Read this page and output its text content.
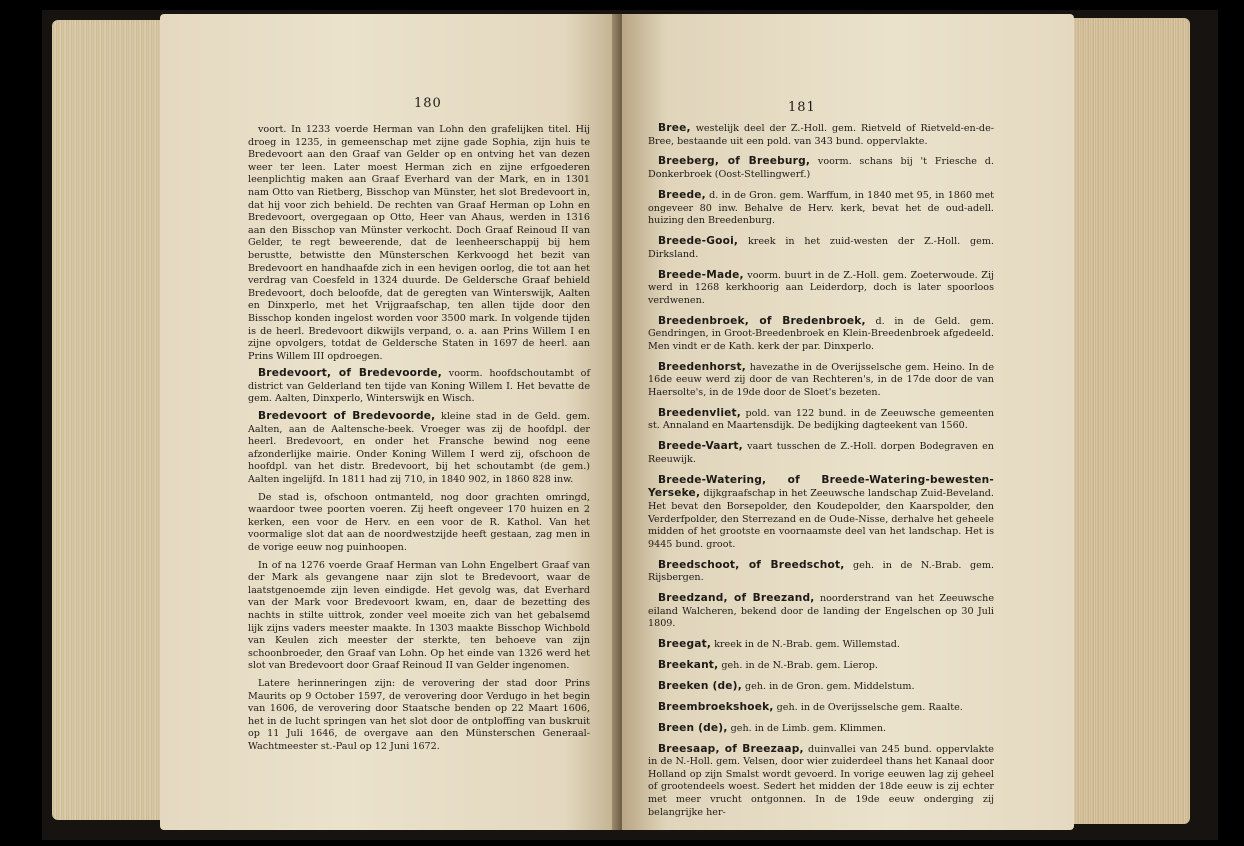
180

voort. In 1233 voerde Herman van Lohn den grafelijken titel. Hij droeg in 1235, in gemeenschap met zijne gade Sophia, zijn huis te Bredevoort aan den Graaf van Gelder op en ontving het van dezen weer ter leen. Later moest Herman zich en zijne erfgoederen leenplichtig maken aan Graaf Everhard van der Mark, en in 1301 nam Otto van Rietberg, Bisschop van Münster, het slot Bredevoort in, dat hij voor zich behield. De rechten van Graaf Herman op Lohn en Bredevoort, overgegaan op Otto, Heer van Ahaus, werden in 1316 aan den Bisschop van Münster verkocht. Doch Graaf Reinoud II van Gelder, te regt beweerende, dat de leenheerschappij bij hem berustte, betwistte den Münsterschen Kerkvoogd het bezit van Bredevoort en handhaafde zich in een hevigen oorlog, die tot aan het verdrag van Coesfeld in 1324 duurde. De Geldersche Graaf behield Bredevoort, doch beloofde, dat de geregten van Winterswijk, Aalten en Dinxperlo, met het Vrijgraafschap, ten allen tijde door den Bisschop konden ingelost worden voor 3500 mark. In volgende tijden is de heerl. Bredevoort dikwijls verpand, o. a. aan Prins Willem I en zijne opvolgers, totdat de Geldersche Staten in 1697 de heerl. aan Prins Willem III opdroegen.

Bredevoort, of Bredevoorde, voorm. hoofdschoutambt of district van Gelderland ten tijde van Koning Willem I. Het bevatte de gem. Aalten, Dinxperlo, Winterswijk en Wisch.

Bredevoort of Bredevoorde, kleine stad in de Geld. gem. Aalten, aan de Aaltensche-beek. Vroeger was zij de hoofdpl. der heerl. Bredevoort, en onder het Fransche bewind nog eene afzonderlijke mairie. Onder Koning Willem I werd zij, ofschoon de hoofdpl. van het distr. Bredevoort, bij het schoutambt (de gem.) Aalten ingelijfd. In 1811 had zij 710, in 1840 902, in 1860 828 inw.

De stad is, ofschoon ontmanteld, nog door grachten omringd, waardoor twee poorten voeren. Zij heeft ongeveer 170 huizen en 2 kerken, een voor de Herv. en een voor de R. Kathol. Van het voormalige slot dat aan de noordwestzijde heeft gestaan, zag men in de vorige eeuw nog puinhoopen.

In of na 1276 voerde Graaf Herman van Lohn Engelbert Graaf van der Mark als gevangene naar zijn slot te Bredevoort, waar de laatstgenoemde zijn leven eindigde. Het gevolg was, dat Everhard van der Mark voor Bredevoort kwam, en, daar de bezetting des nachts in stilte uittrok, zonder veel moeite zich van het gebalsemd lijk zijns vaders meester maakte. In 1303 maakte Bisschop Wichbold van Keulen zich meester der sterkte, ten behoeve van zijn schoonbroeder, den Graaf van Lohn. Op het einde van 1326 werd het slot van Bredevoort door Graaf Reinoud II van Gelder ingenomen.

Latere herinneringen zijn: de verovering der stad door Prins Maurits op 9 October 1597, de verovering door Verdugo in het begin van 1606, de verovering door Staatsche benden op 22 Maart 1606, het in de lucht springen van het slot door de ontploffing van buskruit op 11 Juli 1646, de overgave aan den Münsterschen Generaal-Wachtmeester st.-Paul op 12 Juni 1672.

181

Bree, westelijk deel der Z.-Holl. gem. Rietveld of Rietveld-en-de-Bree, bestaande uit een pold. van 343 bund. oppervlakte.

Breeberg, of Breeburg, voorm. schans bij 't Friesche d. Donkerbroek (Oost-Stellingwerf.)

Breede, d. in de Gron. gem. Warffum, in 1840 met 95, in 1860 met ongeveer 80 inw. Behalve de Herv. kerk, bevat het de oud-adell. huizing den Breedenburg.

Breede-Gooi, kreek in het zuid-westen der Z.-Holl. gem. Dirksland.

Breede-Made, voorm. buurt in de Z.-Holl. gem. Zoeterwoude. Zij werd in 1268 kerkhoorig aan Leiderdorp, doch is later spoorloos verdwenen.

Breedenbroek, of Bredenbroek, d. in de Geld. gem. Gendringen, in Groot-Breedenbroek en Klein-Breedenbroek afgedeeld. Men vindt er de Kath. kerk der par. Dinxperlo.

Breedenhorst, havezathe in de Overijsselsche gem. Heino. In de 16de eeuw werd zij door de van Rechteren's, in de 17de door de van Haersolte's, in de 19de door de Sloet's bezeten.

Breedenvliet, pold. van 122 bund. in de Zeeuwsche gemeenten st. Annaland en Maartensdijk. De bedijking dagteekent van 1560.

Breede-Vaart, vaart tusschen de Z.-Holl. dorpen Bodegraven en Reeuwijk.

Breede-Watering, of Breede-Watering-bewesten-Yerseke, dijkgraafschap in het Zeeuwsche landschap Zuid-Beveland. Het bevat den Borsepolder, den Koudepolder, den Kaarspolder, den Verderfpolder, den Sterrezand en de Oude-Nisse, derhalve het geheele midden of het grootste en voornaamste deel van het landschap. Het is 9445 bund. groot.

Breedschoot, of Breedschot, geh. in de N.-Brab. gem. Rijsbergen.

Breedzand, of Breezand, noorderstrand van het Zeeuwsche eiland Walcheren, bekend door de landing der Engelschen op 30 Juli 1809.

Breegat, kreek in de N.-Brab. gem. Willemstad.

Breekant, geh. in de N.-Brab. gem. Lierop.

Breeken (de), geh. in de Gron. gem. Middelstum.

Breembroekshoek, geh. in de Overijsselsche gem. Raalte.

Breen (de), geh. in de Limb. gem. Klimmen.

Breesaap, of Breezaap, duinvallei van 245 bund. oppervlakte in de N.-Holl. gem. Velsen, door wier zuiderdeel thans het Kanaal door Holland op zijn Smalst wordt gevoerd. In vorige eeuwen lag zij geheel of grootendeels woest. Sedert het midden der 18de eeuw is zij echter met meer vrucht ontgonnen. In de 19de eeuw onderging zij belangrijke her-
